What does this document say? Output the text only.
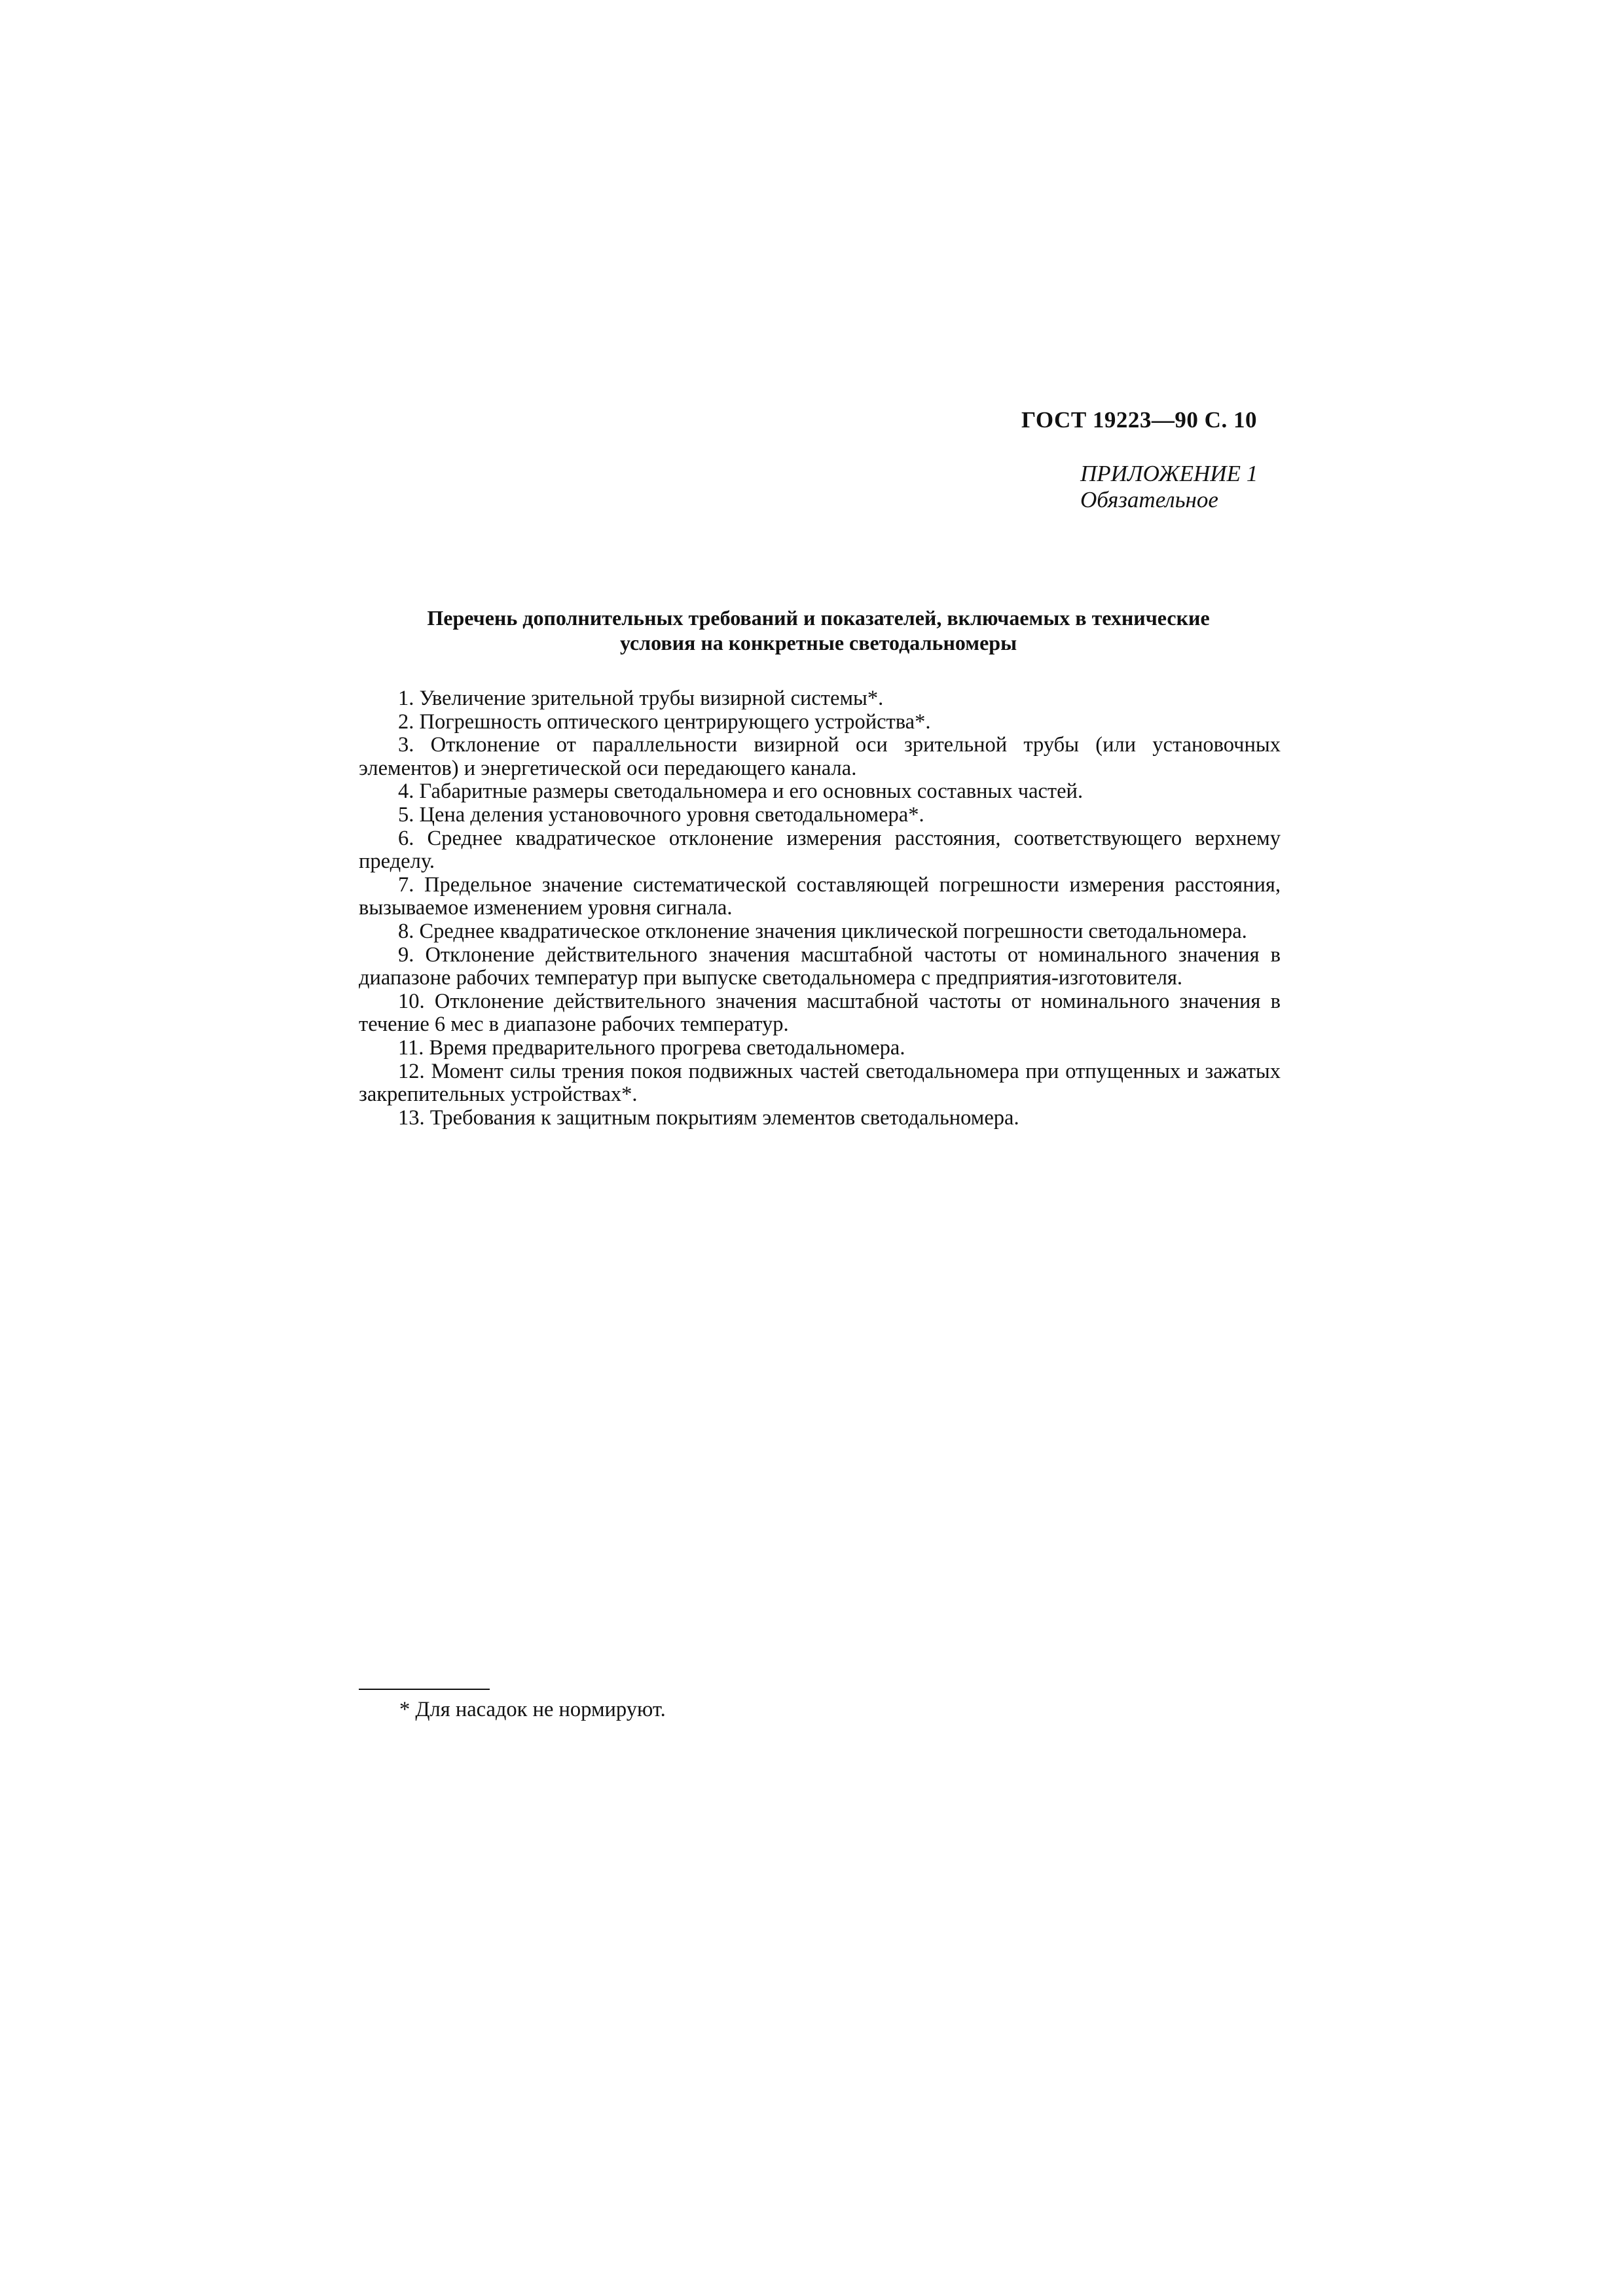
ГОСТ 19223—90 С. 10
ПРИЛОЖЕНИЕ 1
Обязательное
Перечень дополнительных требований и показателей, включаемых в технические
условия на конкретные светодальномеры

1. Увеличение зрительной трубы визирной системы*.

2. Погрешность оптического центрирующего устройства*.

3. Отклонение от параллельности визирной оси зрительной трубы (или установочных элементов) и энергетической оси передающего канала.

4. Габаритные размеры светодальномера и его основных составных частей.

5. Цена деления установочного уровня светодальномера*.

6. Среднее квадратическое отклонение измерения расстояния, соответствующего верхнему пределу.

7. Предельное значение систематической составляющей погрешности измерения расстояния, вызываемое изменением уровня сигнала.

8. Среднее квадратическое отклонение значения циклической погрешности светодальномера.

9. Отклонение действительного значения масштабной частоты от номинального значения в диапазоне рабочих температур при выпуске светодальномера с предприятия-изготовителя.

10. Отклонение действительного значения масштабной частоты от номинального значения в течение 6 мес в диапазоне рабочих температур.

11. Время предварительного прогрева светодальномера.

12. Момент силы трения покоя подвижных частей светодальномера при отпущенных и зажатых закрепительных устройствах*.

13. Требования к защитным покрытиям элементов светодальномера.

* Для насадок не нормируют.
